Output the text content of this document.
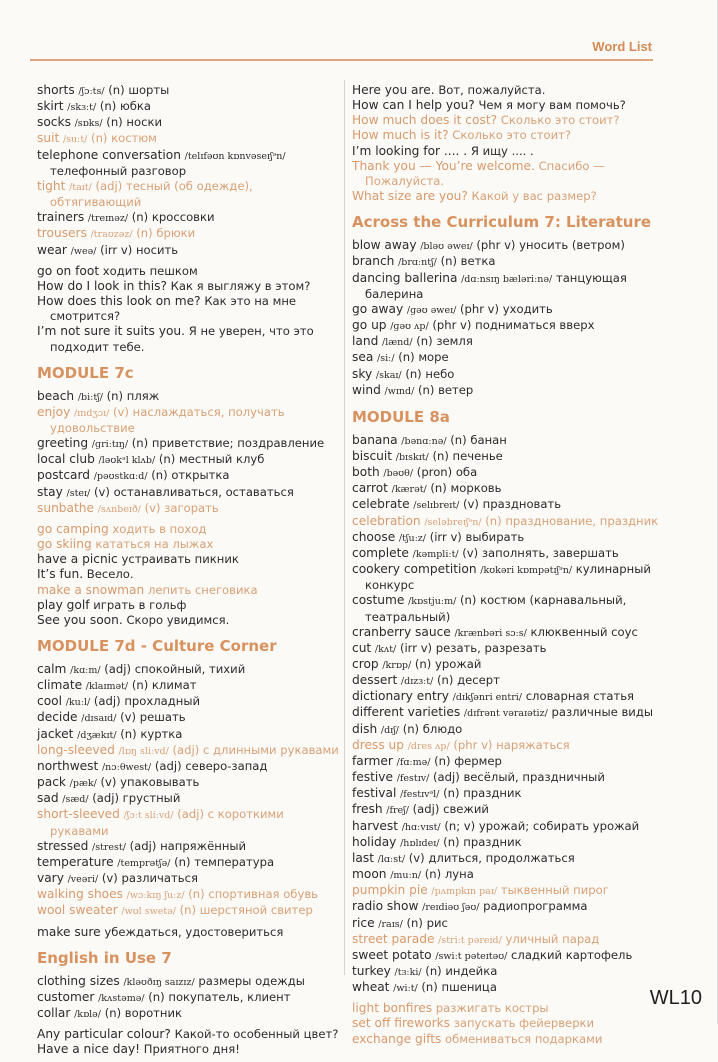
Word List
shorts /ʃɔːts/ (n) шорты
skirt /skɜːt/ (n) юбка
socks /sɒks/ (n) носки
suit /suːt/ (n) костюм
telephone conversation /telɪfəʊn kɒnvəseɪʃᵊn/ телефонный разговор
tight /taɪt/ (adj) тесный (об одежде), обтягивающий
trainers /treɪnəz/ (n) кроссовки
trousers /traʊzəz/ (n) брюки
wear /weə/ (irr v) носить
go on foot ходить пешком
How do I look in this? Как я выгляжу в этом?
How does this look on me? Как это на мне смотрится?
I’m not sure it suits you. Я не уверен, что это подходит тебе.
MODULE 7c
beach /biːtʃ/ (n) пляж
enjoy /ɪndʒɔɪ/ (v) наслаждаться, получать удовольствие
greeting /ɡriːtɪŋ/ (n) приветствие; поздравление
local club /ləʊkᵊl klʌb/ (n) местный клуб
postcard /pəʊstkɑːd/ (n) открытка
stay /steɪ/ (v) останавливаться, оставаться
sunbathe /sʌnbeɪð/ (v) загорать
go camping ходить в поход
go skiing кататься на лыжах
have a picnic устраивать пикник
It’s fun. Весело.
make a snowman лепить снеговика
play golf играть в гольф
See you soon. Скоро увидимся.
MODULE 7d - Culture Corner
calm /kɑːm/ (adj) спокойный, тихий
climate /klaɪmət/ (n) климат
cool /kuːl/ (adj) прохладный
decide /dɪsaɪd/ (v) решать
jacket /dʒækɪt/ (n) куртка
long-sleeved /lɒŋ sliːvd/ (adj) с длинными рукавами
northwest /nɔːθwest/ (adj) северо-запад
pack /pæk/ (v) упаковывать
sad /sæd/ (adj) грустный
short-sleeved /ʃɔːt sliːvd/ (adj) с короткими рукавами
stressed /strest/ (adj) напряжённый
temperature /temprətʃə/ (n) температура
vary /veəri/ (v) различаться
walking shoes /wɔːkɪŋ ʃuːz/ (n) спортивная обувь
wool sweater /wʊl swetə/ (n) шерстяной свитер
make sure убеждаться, удостовериться
English in Use 7
clothing sizes /kləʊðɪŋ saɪzɪz/ размеры одежды
customer /kʌstəmə/ (n) покупатель, клиент
collar /kɒlə/ (n) воротник
Any particular colour? Какой-то особенный цвет?
Have a nice day! Приятного дня!
Here you are. Вот, пожалуйста.
How can I help you? Чем я могу вам помочь?
How much does it cost? Сколько это стоит?
How much is it? Сколько это стоит?
I’m looking for .... . Я ищу .... .
Thank you — You’re welcome. Спасибо — Пожалуйста.
What size are you? Какой у вас размер?
Across the Curriculum 7: Literature
blow away /bləʊ əweɪ/ (phr v) уносить (ветром)
branch /brɑːntʃ/ (n) ветка
dancing ballerina /dɑːnsɪŋ bæləriːnə/ танцующая балерина
go away /ɡəʊ əweɪ/ (phr v) уходить
go up /ɡəʊ ʌp/ (phr v) подниматься вверх
land /lænd/ (n) земля
sea /siː/ (n) море
sky /skaɪ/ (n) небо
wind /wɪnd/ (n) ветер
MODULE 8a
banana /bənɑːnə/ (n) банан
biscuit /bɪskɪt/ (n) печенье
both /bəʊθ/ (pron) оба
carrot /kærət/ (n) морковь
celebrate /selɪbreɪt/ (v) праздновать
celebration /seləbreɪʃᵊn/ (n) празднование, праздник
choose /tʃuːz/ (irr v) выбирать
complete /kəmpliːt/ (v) заполнять, завершать
cookery competition /kʊkəri kɒmpətɪʃᵊn/ кулинарный конкурс
costume /kɒstjuːm/ (n) костюм (карнавальный, театральный)
cranberry sauce /krænbəri sɔːs/ клюквенный соус
cut /kʌt/ (irr v) резать, разрезать
crop /krɒp/ (n) урожай
dessert /dɪzɜːt/ (n) десерт
dictionary entry /dɪkʃənri entri/ словарная статья
different varieties /dɪfrənt vəraɪətiz/ различные виды
dish /dɪʃ/ (n) блюдо
dress up /dres ʌp/ (phr v) наряжаться
farmer /fɑːmə/ (n) фермер
festive /festɪv/ (adj) весёлый, праздничный
festival /festɪvᵊl/ (n) праздник
fresh /freʃ/ (adj) свежий
harvest /hɑːvɪst/ (n; v) урожай; собирать урожай
holiday /hɒlɪdeɪ/ (n) праздник
last /lɑːst/ (v) длиться, продолжаться
moon /muːn/ (n) луна
pumpkin pie /pʌmpkɪn paɪ/ тыквенный пирог
radio show /reɪdiəʊ ʃəʊ/ радиопрограмма
rice /raɪs/ (n) рис
street parade /striːt pəreɪd/ уличный парад
sweet potato /swiːt pəteɪtəʊ/ сладкий картофель
turkey /tɜːki/ (n) индейка
wheat /wiːt/ (n) пшеница
light bonfires разжигать костры
set off fireworks запускать фейерверки
exchange gifts обмениваться подарками
WL10
